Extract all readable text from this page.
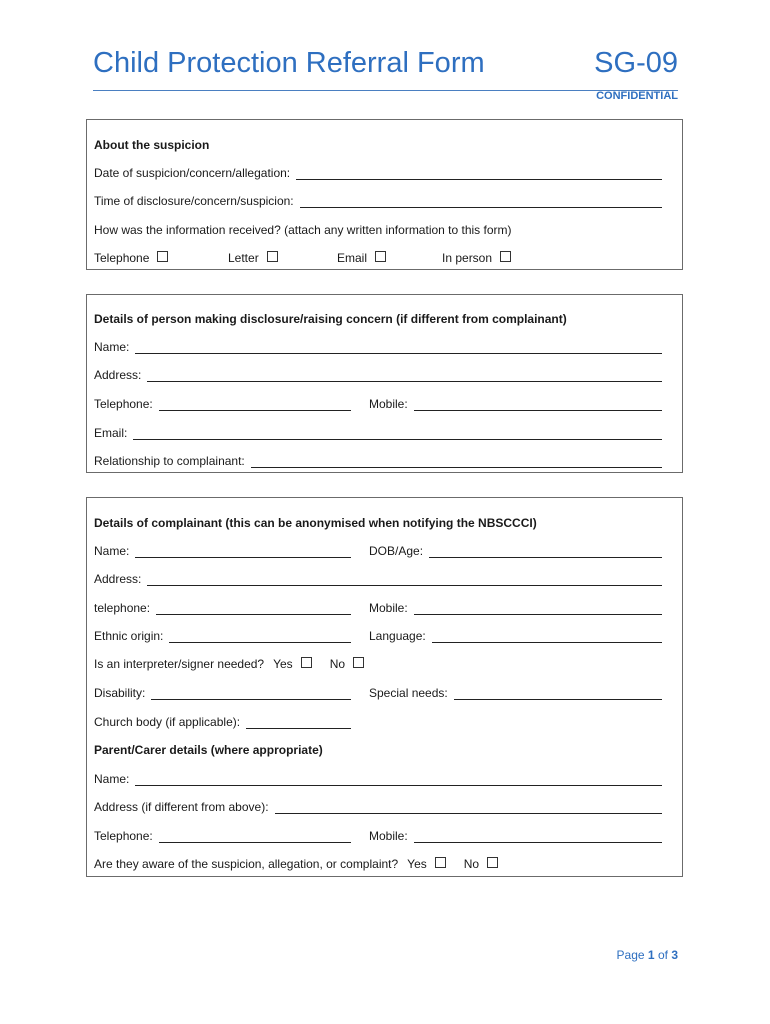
Child Protection Referral Form	SG-09
CONFIDENTIAL
About the suspicion
Date of suspicion/concern/allegation:
Time of disclosure/concern/suspicion:
How was the information received? (attach any written information to this form)
Telephone	Letter	Email	In person
Details of person making disclosure/raising concern (if different from complainant)
Name:
Address:
Telephone:	Mobile:
Email:
Relationship to complainant:
Details of complainant (this can be anonymised when notifying the NBSCCCI)
Name:	DOB/Age:
Address:
telephone:	Mobile:
Ethnic origin:	Language:
Is an interpreter/signer needed? Yes	No
Disability:	Special needs:
Church body (if applicable):
Parent/Carer details (where appropriate)
Name:
Address (if different from above):
Telephone:	Mobile:
Are they aware of the suspicion, allegation, or complaint? Yes	No
Page 1 of 3
